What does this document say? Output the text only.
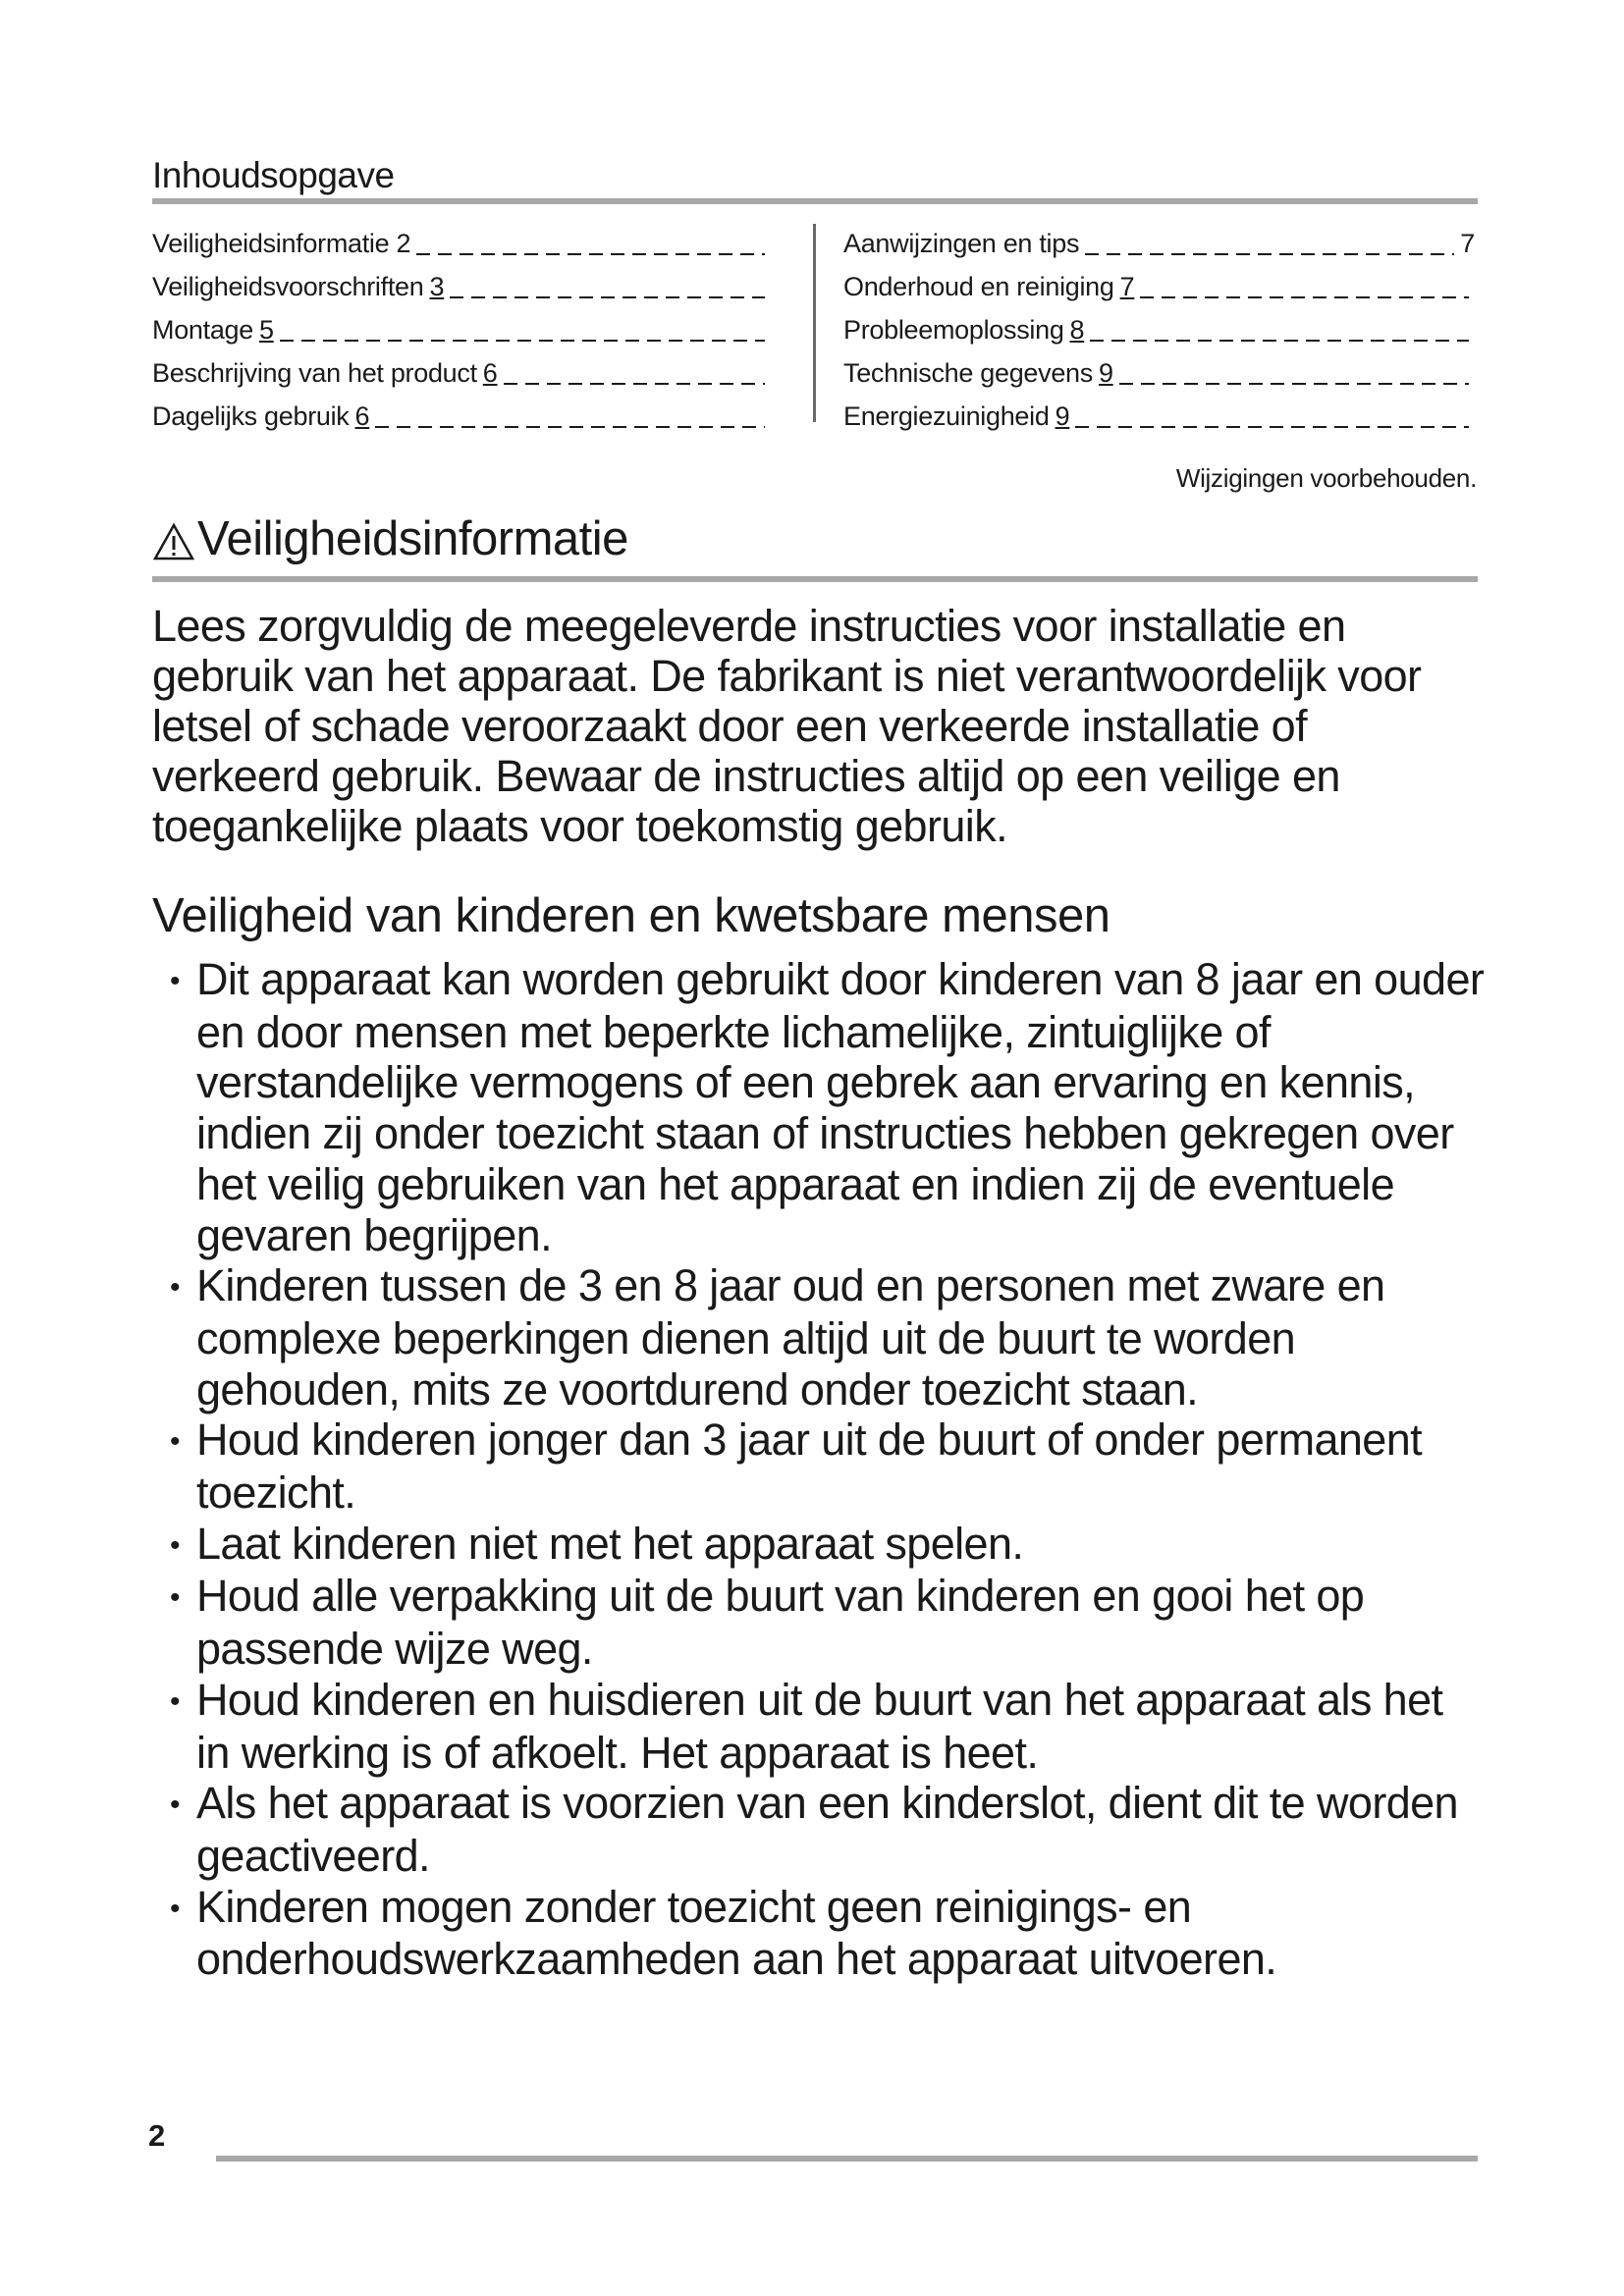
Inhoudsopgave
Veiligheidsinformatie 2
Veiligheidsvoorschriften 3
Montage 5
Beschrijving van het product 6
Dagelijks gebruik 6
Aanwijzingen en tips	7
Onderhoud en reiniging 7
Probleemoplossing 8
Technische gegevens 9
Energiezuinigheid 9
Wijzigingen voorbehouden.
Veiligheidsinformatie
Lees zorgvuldig de meegeleverde instructies voor installatie en gebruik van het apparaat. De fabrikant is niet verantwoordelijk voor letsel of schade veroorzaakt door een verkeerde installatie of verkeerd gebruik. Bewaar de instructies altijd op een veilige en toegankelijke plaats voor toekomstig gebruik.
Veiligheid van kinderen en kwetsbare mensen
• Dit apparaat kan worden gebruikt door kinderen van 8 jaar en ouder en door mensen met beperkte lichamelijke, zintuiglijke of verstandelijke vermogens of een gebrek aan ervaring en kennis, indien zij onder toezicht staan of instructies hebben gekregen over het veilig gebruiken van het apparaat en indien zij de eventuele gevaren begrijpen.
• Kinderen tussen de 3 en 8 jaar oud en personen met zware en complexe beperkingen dienen altijd uit de buurt te worden gehouden, mits ze voortdurend onder toezicht staan.
• Houd kinderen jonger dan 3 jaar uit de buurt of onder permanent toezicht.
• Laat kinderen niet met het apparaat spelen.
• Houd alle verpakking uit de buurt van kinderen en gooi het op passende wijze weg.
• Houd kinderen en huisdieren uit de buurt van het apparaat als het in werking is of afkoelt. Het apparaat is heet.
• Als het apparaat is voorzien van een kinderslot, dient dit te worden geactiveerd.
• Kinderen mogen zonder toezicht geen reinigings- en onderhoudswerkzaamheden aan het apparaat uitvoeren.
2
